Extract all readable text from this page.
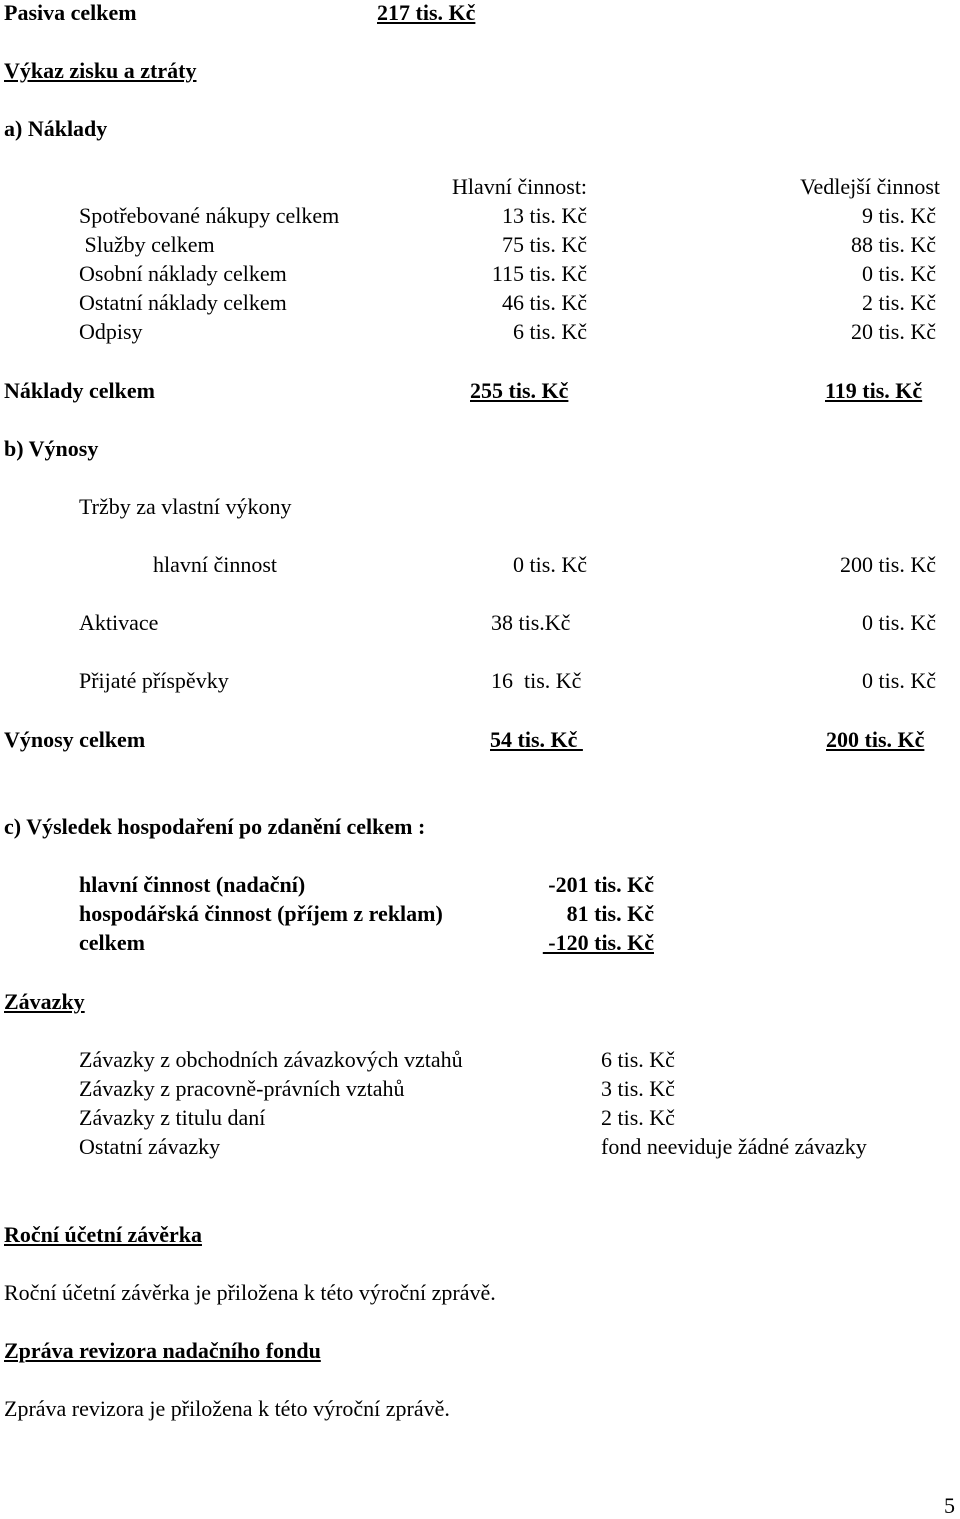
Pasiva celkem	217 tis. Kč
Výkaz zisku a ztráty
a) Náklady
Hlavní činnost:	Vedlejší činnost
Spotřebované nákupy celkem	13 tis. Kč	9 tis. Kč
Služby celkem	75 tis. Kč	88 tis. Kč
Osobní náklady celkem	115 tis. Kč	0 tis. Kč
Ostatní náklady celkem	46 tis. Kč	2 tis. Kč
Odpisy	6 tis. Kč	20 tis. Kč
Náklady celkem	255 tis. Kč	119 tis. Kč
b) Výnosy
Tržby za vlastní výkony
hlavní činnost	0 tis. Kč	200 tis. Kč
Aktivace	38 tis.Kč	0 tis. Kč
Přijaté příspěvky	16  tis. Kč	0 tis. Kč
Výnosy celkem	54 tis. Kč	200 tis. Kč
c) Výsledek hospodaření po zdanění celkem :
hlavní činnost (nadační)	-201 tis. Kč
hospodářská činnost (příjem z reklam)	81 tis. Kč
celkem	-120 tis. Kč
Závazky
Závazky z obchodních závazkových vztahů	6 tis. Kč
Závazky z pracovně-právních vztahů	3 tis. Kč
Závazky z titulu daní	2 tis. Kč
Ostatní závazky	fond neeviduje žádné závazky
Roční účetní závěrka
Roční účetní závěrka je přiložena k této výroční zprávě.
Zpráva revizora nadačního fondu
Zpráva revizora je přiložena k této výroční zprávě.
5
